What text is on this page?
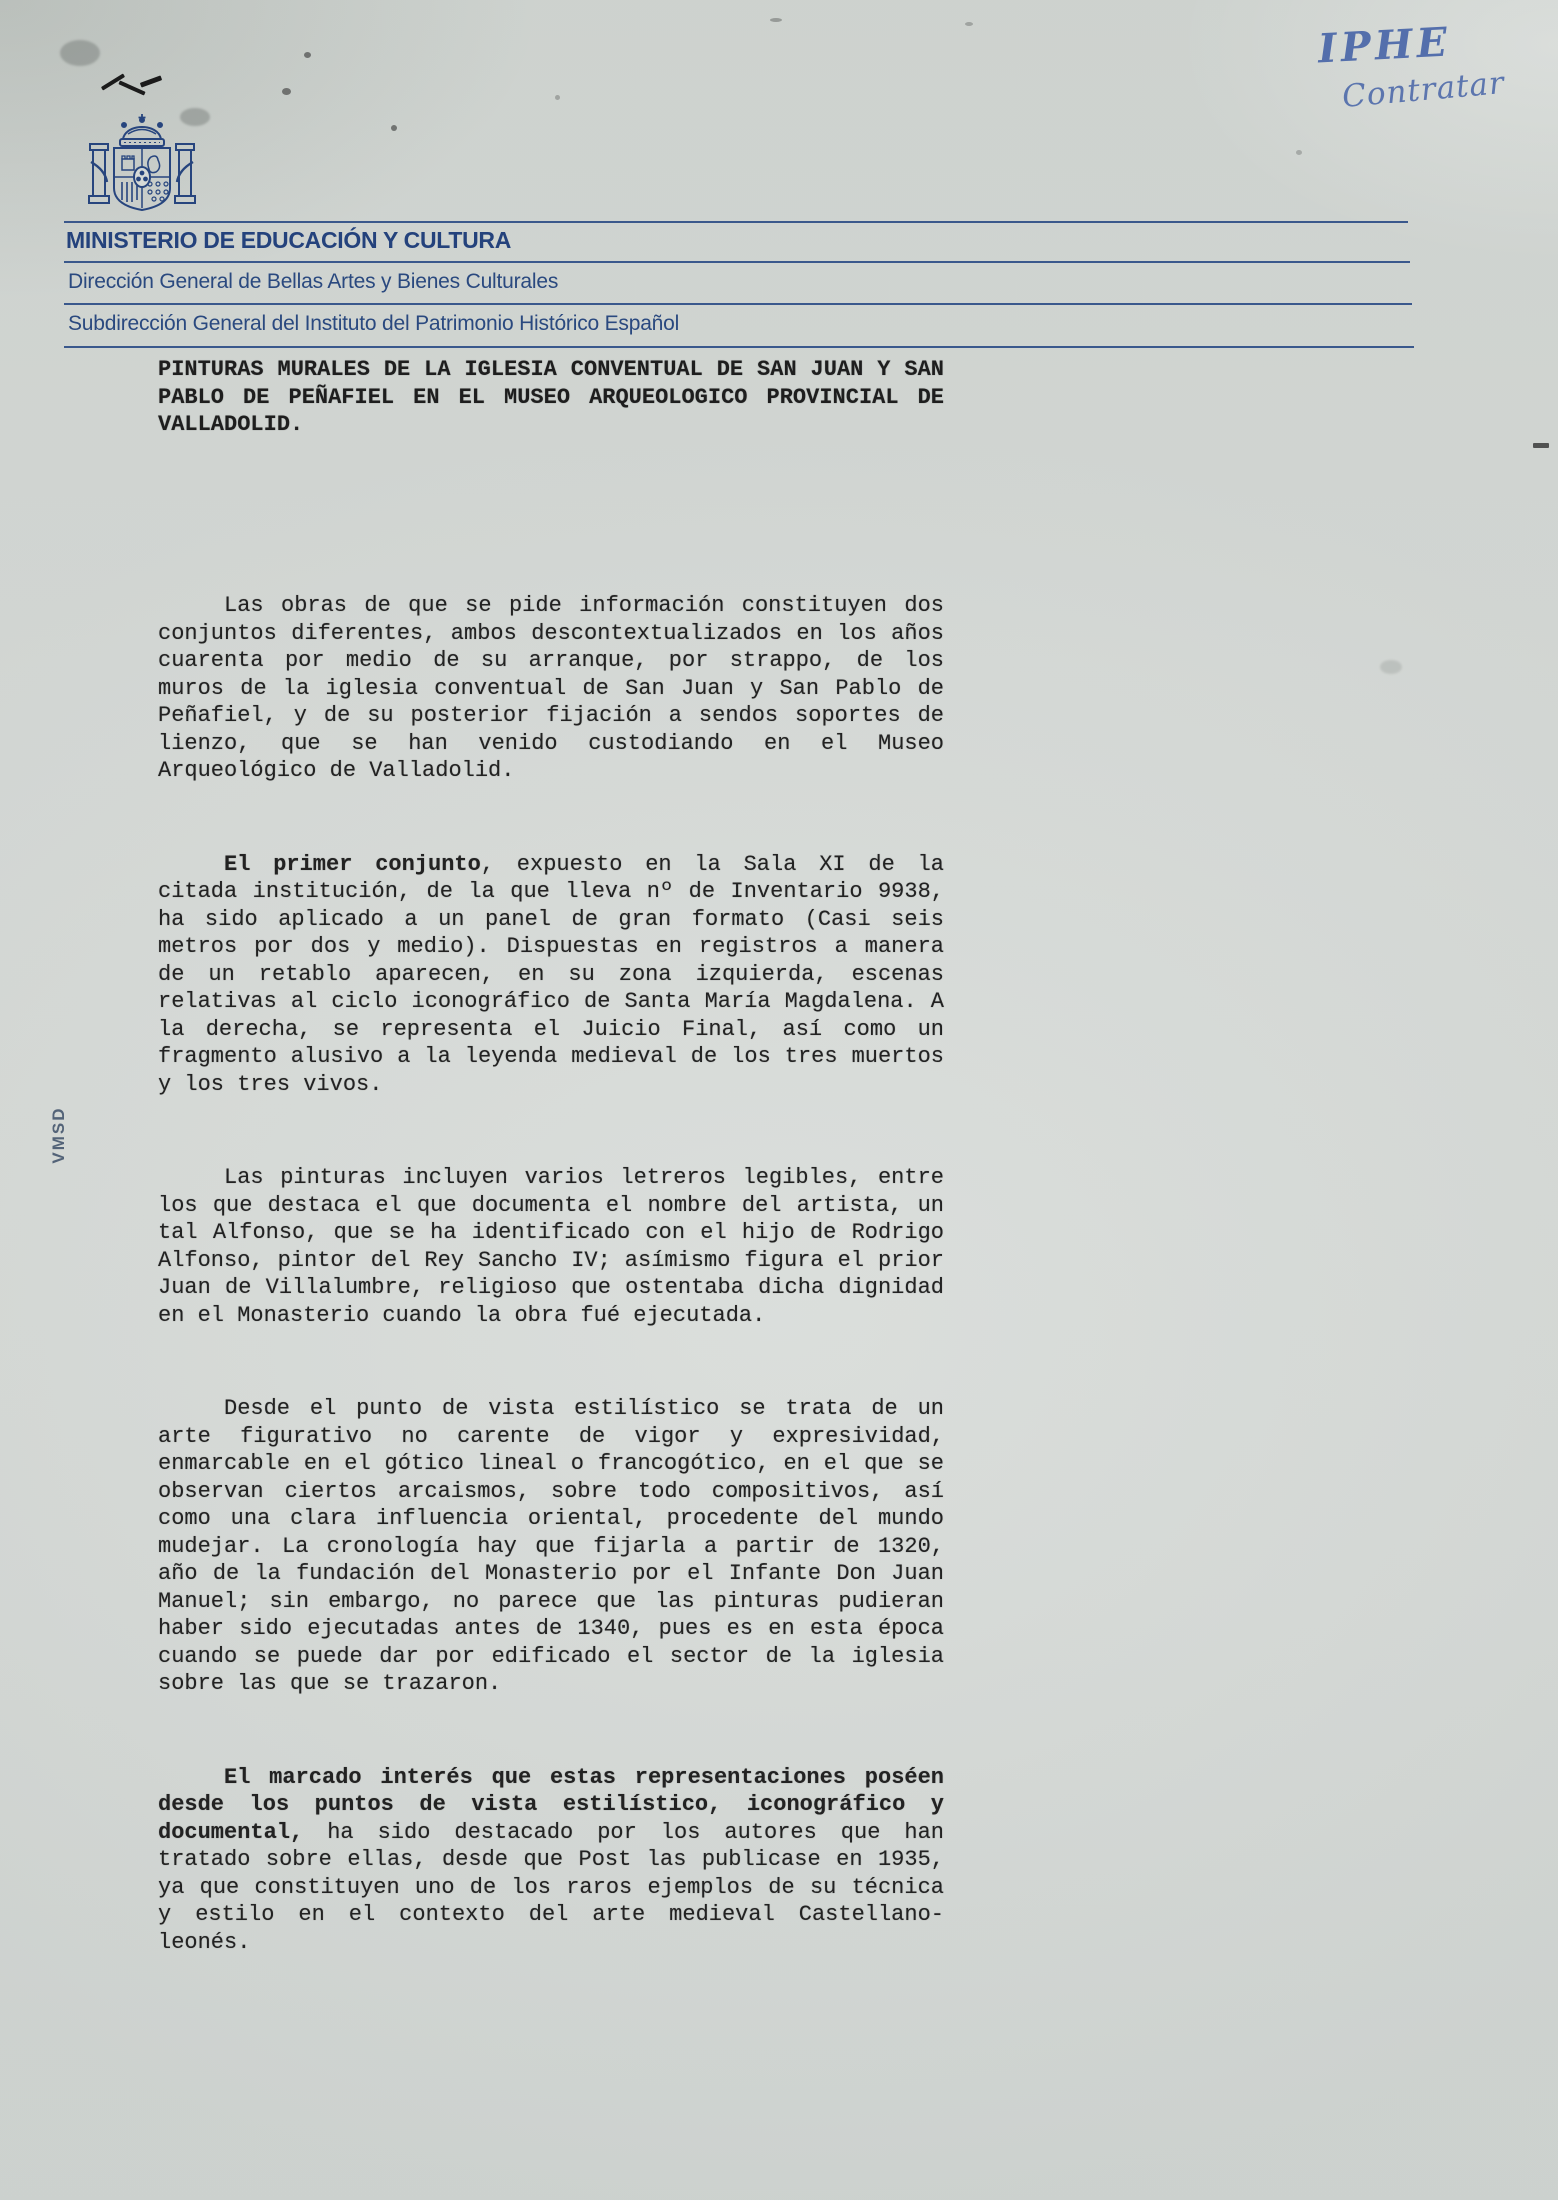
MINISTERIO DE EDUCACIÓN Y CULTURA
Dirección General de Bellas Artes y Bienes Culturales
Subdirección General del Instituto del Patrimonio Histórico Español
IPHE
Contratar
VMSD
PINTURAS MURALES DE LA IGLESIA CONVENTUAL DE SAN JUAN Y SAN PABLO DE PEÑAFIEL EN EL MUSEO ARQUEOLOGICO PROVINCIAL DE VALLADOLID.

Las obras de que se pide información constituyen dos conjuntos diferentes, ambos descontextualizados en los años cuarenta por medio de su arranque, por strappo, de los muros de la iglesia conventual de San Juan y San Pablo de Peñafiel, y de su posterior fijación a sendos soportes de lienzo, que se han venido custodiando en el Museo Arqueológico de Valladolid.

El primer conjunto, expuesto en la Sala XI de la citada institución, de la que lleva nº de Inventario 9938, ha sido aplicado a un panel de gran formato (Casi seis metros por dos y medio). Dispuestas en registros a manera de un retablo aparecen, en su zona izquierda, escenas relativas al ciclo iconográfico de Santa María Magdalena. A la derecha, se representa el Juicio Final, así como un fragmento alusivo a la leyenda medieval de los tres muertos y los tres vivos.

Las pinturas incluyen varios letreros legibles, entre los que destaca el que documenta el nombre del artista, un tal Alfonso, que se ha identificado con el hijo de Rodrigo Alfonso, pintor del Rey Sancho IV; asímismo figura el prior Juan de Villalumbre, religioso que ostentaba dicha dignidad en el Monasterio cuando la obra fué ejecutada.

Desde el punto de vista estilístico se trata de un arte figurativo no carente de vigor y expresividad, enmarcable en el gótico lineal o francogótico, en el que se observan ciertos arcaismos, sobre todo compositivos, así como una clara influencia oriental, procedente del mundo mudejar. La cronología hay que fijarla a partir de 1320, año de la fundación del Monasterio por el Infante Don Juan Manuel; sin embargo, no parece que las pinturas pudieran haber sido ejecutadas antes de 1340, pues es en esta época cuando se puede dar por edificado el sector de la iglesia sobre las que se trazaron.

El marcado interés que estas representaciones poséen desde los puntos de vista estilístico, iconográfico y documental, ha sido destacado por los autores que han tratado sobre ellas, desde que Post las publicase en 1935, ya que constituyen uno de los raros ejemplos de su técnica y estilo en el contexto del arte medieval Castellano-leonés.
